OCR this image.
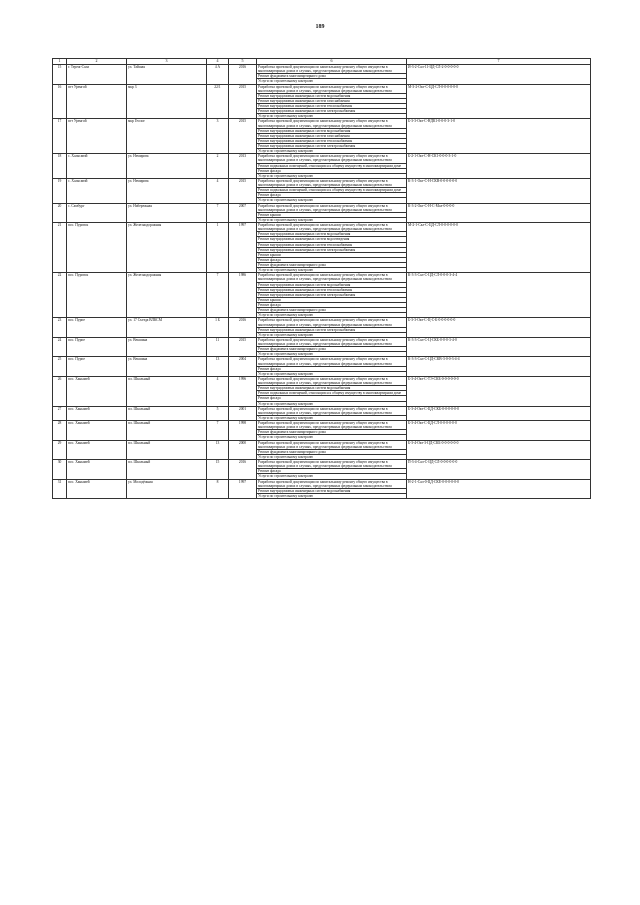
189
1	2	3	4	5	6	7
15	г. Тереж-Сала	ул. Тайшая	4 А	2016	Разработка проектной документации по капитальному ремонту общего имущества в многоквартирных домах в случаях, предусмотренных федеральным законодательством	И-3-2-Сал-11-ЦД-СЛ-2-0-0-0-0-0
					Ремонт фундамента многоквартирного дома	
					Услуги по строительному контролю	
16	пгт Уренгой	мкр 3	22/1	2015	Разработка проектной документации по капитальному ремонту общего имущества в многоквартирных домах в случаях, предусмотренных федеральным законодательством	М-3-2-Окт-С-ЦД-СЛ-0-0-0-0-0-0
					Ремонт внутридомовых инженерных систем водоснабжения	
					Ремонт внутридомовых инженерных систем газоснабжения	
					Ремонт внутридомовых инженерных систем теплоснабжения	
					Ремонт внутридомовых инженерных систем электроснабжения	
					Услуги по строительному контролю	
17	пгт Уренгой	мкр Геолог	3	2015	Разработка проектной документации по капитальному ремонту общего имущества в многоквартирных домах в случаях, предусмотренных федеральным законодательством	Б-3-3-Окт-С-НДК1-0-0-0-3-1-0
					Ремонт внутридомовых инженерных систем водоснабжения	
					Ремонт внутридомовых инженерных систем газоснабжения	
					Ремонт внутридомовых инженерных систем теплоснабжения	
					Ремонт внутридомовых инженерных систем электроснабжения	
					Услуги по строительному контролю	
18	с. Халясавэй	ул. Немирова	2	2013	Разработка проектной документации по капитальному ремонту общего имущества в многоквартирных домах в случаях, предусмотренных федеральным законодательством	Б-2-1-Окт-С-Н-СК1-0-0-0-3-1-0
					Ремонт подвальных помещений, относящихся к общему имуществу в многоквартирном доме	
					Ремонт фасада	
					Услуги по строительному контролю	
19	с. Халясавэй	ул. Немирова	4	2015	Разработка проектной документации по капитальному ремонту общего имущества в многоквартирных домах в случаях, предусмотренных федеральным законодательством	К-3-1-Окт-С-Н-СКВ-0-0-0-0-0-0
					Ремонт подвальных помещений, относящихся к общему имуществу в многоквартирном доме	
					Ремонт фасада	
					Услуги по строительному контролю	
20	с. Самбург	ул. Набережная	7	2007	Разработка проектной документации по капитальному ремонту общего имущества в многоквартирных домах в случаях, предусмотренных федеральным законодательством	К-3-2-Окт-С-Н-С-Мол-0-0-0-0
					Ремонт крыши	
					Услуги по строительному контролю	
21	пос. Пуровск	ул. Железнодорожная	1	1997	Разработка проектной документации по капитальному ремонту общего имущества в многоквартирных домах в случаях, предусмотренных федеральным законодательством	М-2-1-Сал-С-ЦД-СЛ-0-0-0-0-0-0
					Ремонт внутридомовых инженерных систем водоснабжения	
					Ремонт внутридомовых инженерных систем водоотведения	
					Ремонт внутридомовых инженерных систем теплоснабжения	
					Ремонт внутридомовых инженерных систем электроснабжения	
					Ремонт крыши	
					Ремонт фасада	
					Ремонт фундамента многоквартирного дома	
					Услуги по строительному контролю	
22	пос. Пуровск	ул. Железнодорожная	7	1986	Разработка проектной документации по капитальному ремонту общего имущества в многоквартирных домах в случаях, предусмотренных федеральным законодательством	К-3-3-Сал-С-ЦД-СЛ-0-0-0-3-4-4
					Ремонт внутридомовых инженерных систем водоснабжения	
					Ремонт внутридомовых инженерных систем теплоснабжения	
					Ремонт внутридомовых инженерных систем электроснабжения	
					Ремонт крыши	
					Ремонт фасада	
					Ремонт фундамента многоквартирного дома	
					Услуги по строительному контролю	
23	пос. Пурпе	ул. 17 Съезда ВЛКСМ	1 Б	2016	Разработка проектной документации по капитальному ремонту общего имущества в многоквартирных домах в случаях, предусмотренных федеральным законодательством	Б-3-3-Окт-С-Ц-С-Б-0-0-0-0-0-0
					Ремонт внутридомовых инженерных систем электроснабжения	
					Услуги по строительному контролю	
24	пос. Пурпе	ул. Векшина	11	2015	Разработка проектной документации по капитальному ремонту общего имущества в многоквартирных домах в случаях, предусмотренных федеральным законодательством	К-3-3-Сал-С-Ц-СКБ-0-0-0-3-4-0
					Ремонт фундамента многоквартирного дома	
					Услуги по строительному контролю	
25	пос. Пурпе	ул. Векшина	13	2004	Разработка проектной документации по капитальному ремонту общего имущества в многоквартирных домах в случаях, предусмотренных федеральным законодательством	К-3-3-Сал-С-ЦД-СКВ-3-0-0-3-4-4
					Ремонт фасада	
					Услуги по строительному контролю	
26	пос. Ханымей	пл. Школьный	4	1996	Разработка проектной документации по капитальному ремонту общего имущества в многоквартирных домах в случаях, предусмотренных федеральным законодательством	Б-3-4-Окт-С-ТЭ-СКБ-0-0-0-0-0-0
					Ремонт внутридомовых инженерных систем водоснабжения	
					Ремонт подвальных помещений, относящихся к общему имуществу в многоквартирном доме	
					Ремонт фасада	
					Услуги по строительному контролю	
27	пос. Ханымей	пл. Школьный	5	2001	Разработка проектной документации по капитальному ремонту общего имущества в многоквартирных домах в случаях, предусмотренных федеральным законодательством	Б-3-4-Окт-С-ЦД-СКБ-0-0-0-0-0-0
					Услуги по строительному контролю	
28	пос. Ханымей	пл. Школьный	7	1998	Разработка проектной документации по капитальному ремонту общего имущества в многоквартирных домах в случаях, предусмотренных федеральным законодательством	Б-3-4-Окт-С-ЦД-СЛ-0-0-0-0-0-0
					Ремонт фундамента многоквартирного дома	
					Услуги по строительному контролю	
29	пос. Ханымей	пл. Школьный	13	2000	Разработка проектной документации по капитальному ремонту общего имущества в многоквартирных домах в случаях, предусмотренных федеральным законодательством	Б-3-4-Окт-3-ЦД-СКБ-0-0-0-0-0-0
					Ремонт фундамента многоквартирного дома	
					Услуги по строительному контролю	
30	пос. Ханымей	пл. Школьный	15	2016	Разработка проектной документации по капитальному ремонту общего имущества в многоквартирных домах в случаях, предусмотренных федеральным законодательством	П-3-4-Сал-С-ЦД-СЛ-0-0-0-0-0-0
					Ремонт фасада	
					Услуги по строительному контролю	
31	пос. Ханымей	ул. Молодёжная	8	1997	Разработка проектной документации по капитальному ремонту общего имущества в многоквартирных домах в случаях, предусмотренных федеральным законодательством	Н-2-1-Сал-0-ЦД-СКЕ-0-0-0-0-0-0
					Ремонт внутридомовых инженерных систем водоснабжения	
					Услуги по строительному контролю	
